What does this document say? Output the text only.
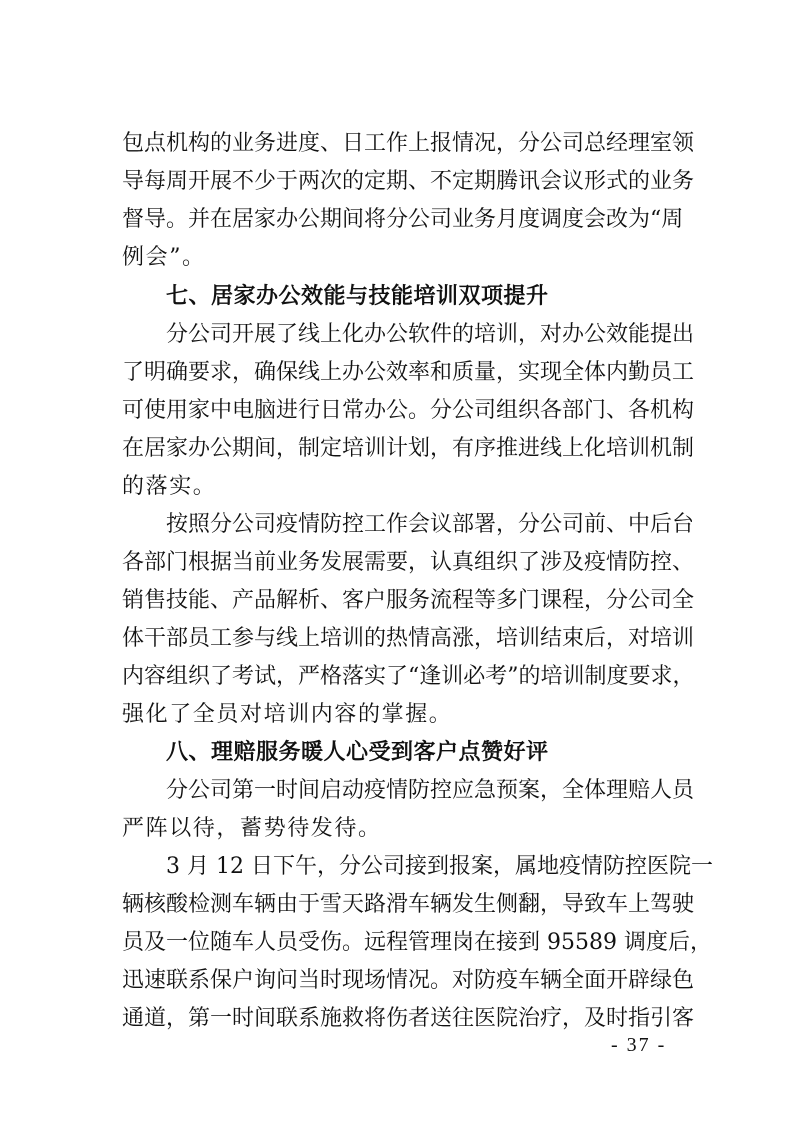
包点机构的业务进度、日工作上报情况，分公司总经理室领
导每周开展不少于两次的定期、不定期腾讯会议形式的业务
督导。并在居家办公期间将分公司业务月度调度会改为“周
例会”。
七、居家办公效能与技能培训双项提升
分公司开展了线上化办公软件的培训，对办公效能提出
了明确要求，确保线上办公效率和质量，实现全体内勤员工
可使用家中电脑进行日常办公。分公司组织各部门、各机构
在居家办公期间，制定培训计划，有序推进线上化培训机制
的落实。
按照分公司疫情防控工作会议部署，分公司前、中后台
各部门根据当前业务发展需要，认真组织了涉及疫情防控、
销售技能、产品解析、客户服务流程等多门课程，分公司全
体干部员工参与线上培训的热情高涨，培训结束后，对培训
内容组织了考试，严格落实了“逢训必考”的培训制度要求，
强化了全员对培训内容的掌握。
八、理赔服务暖人心受到客户点赞好评
分公司第一时间启动疫情防控应急预案，全体理赔人员
严阵以待，蓄势待发待。
3 月 12 日下午，分公司接到报案，属地疫情防控医院一
辆核酸检测车辆由于雪天路滑车辆发生侧翻，导致车上驾驶
员及一位随车人员受伤。远程管理岗在接到 95589 调度后，
迅速联系保户询问当时现场情况。对防疫车辆全面开辟绿色
通道，第一时间联系施救将伤者送往医院治疗，及时指引客
- 37 -
